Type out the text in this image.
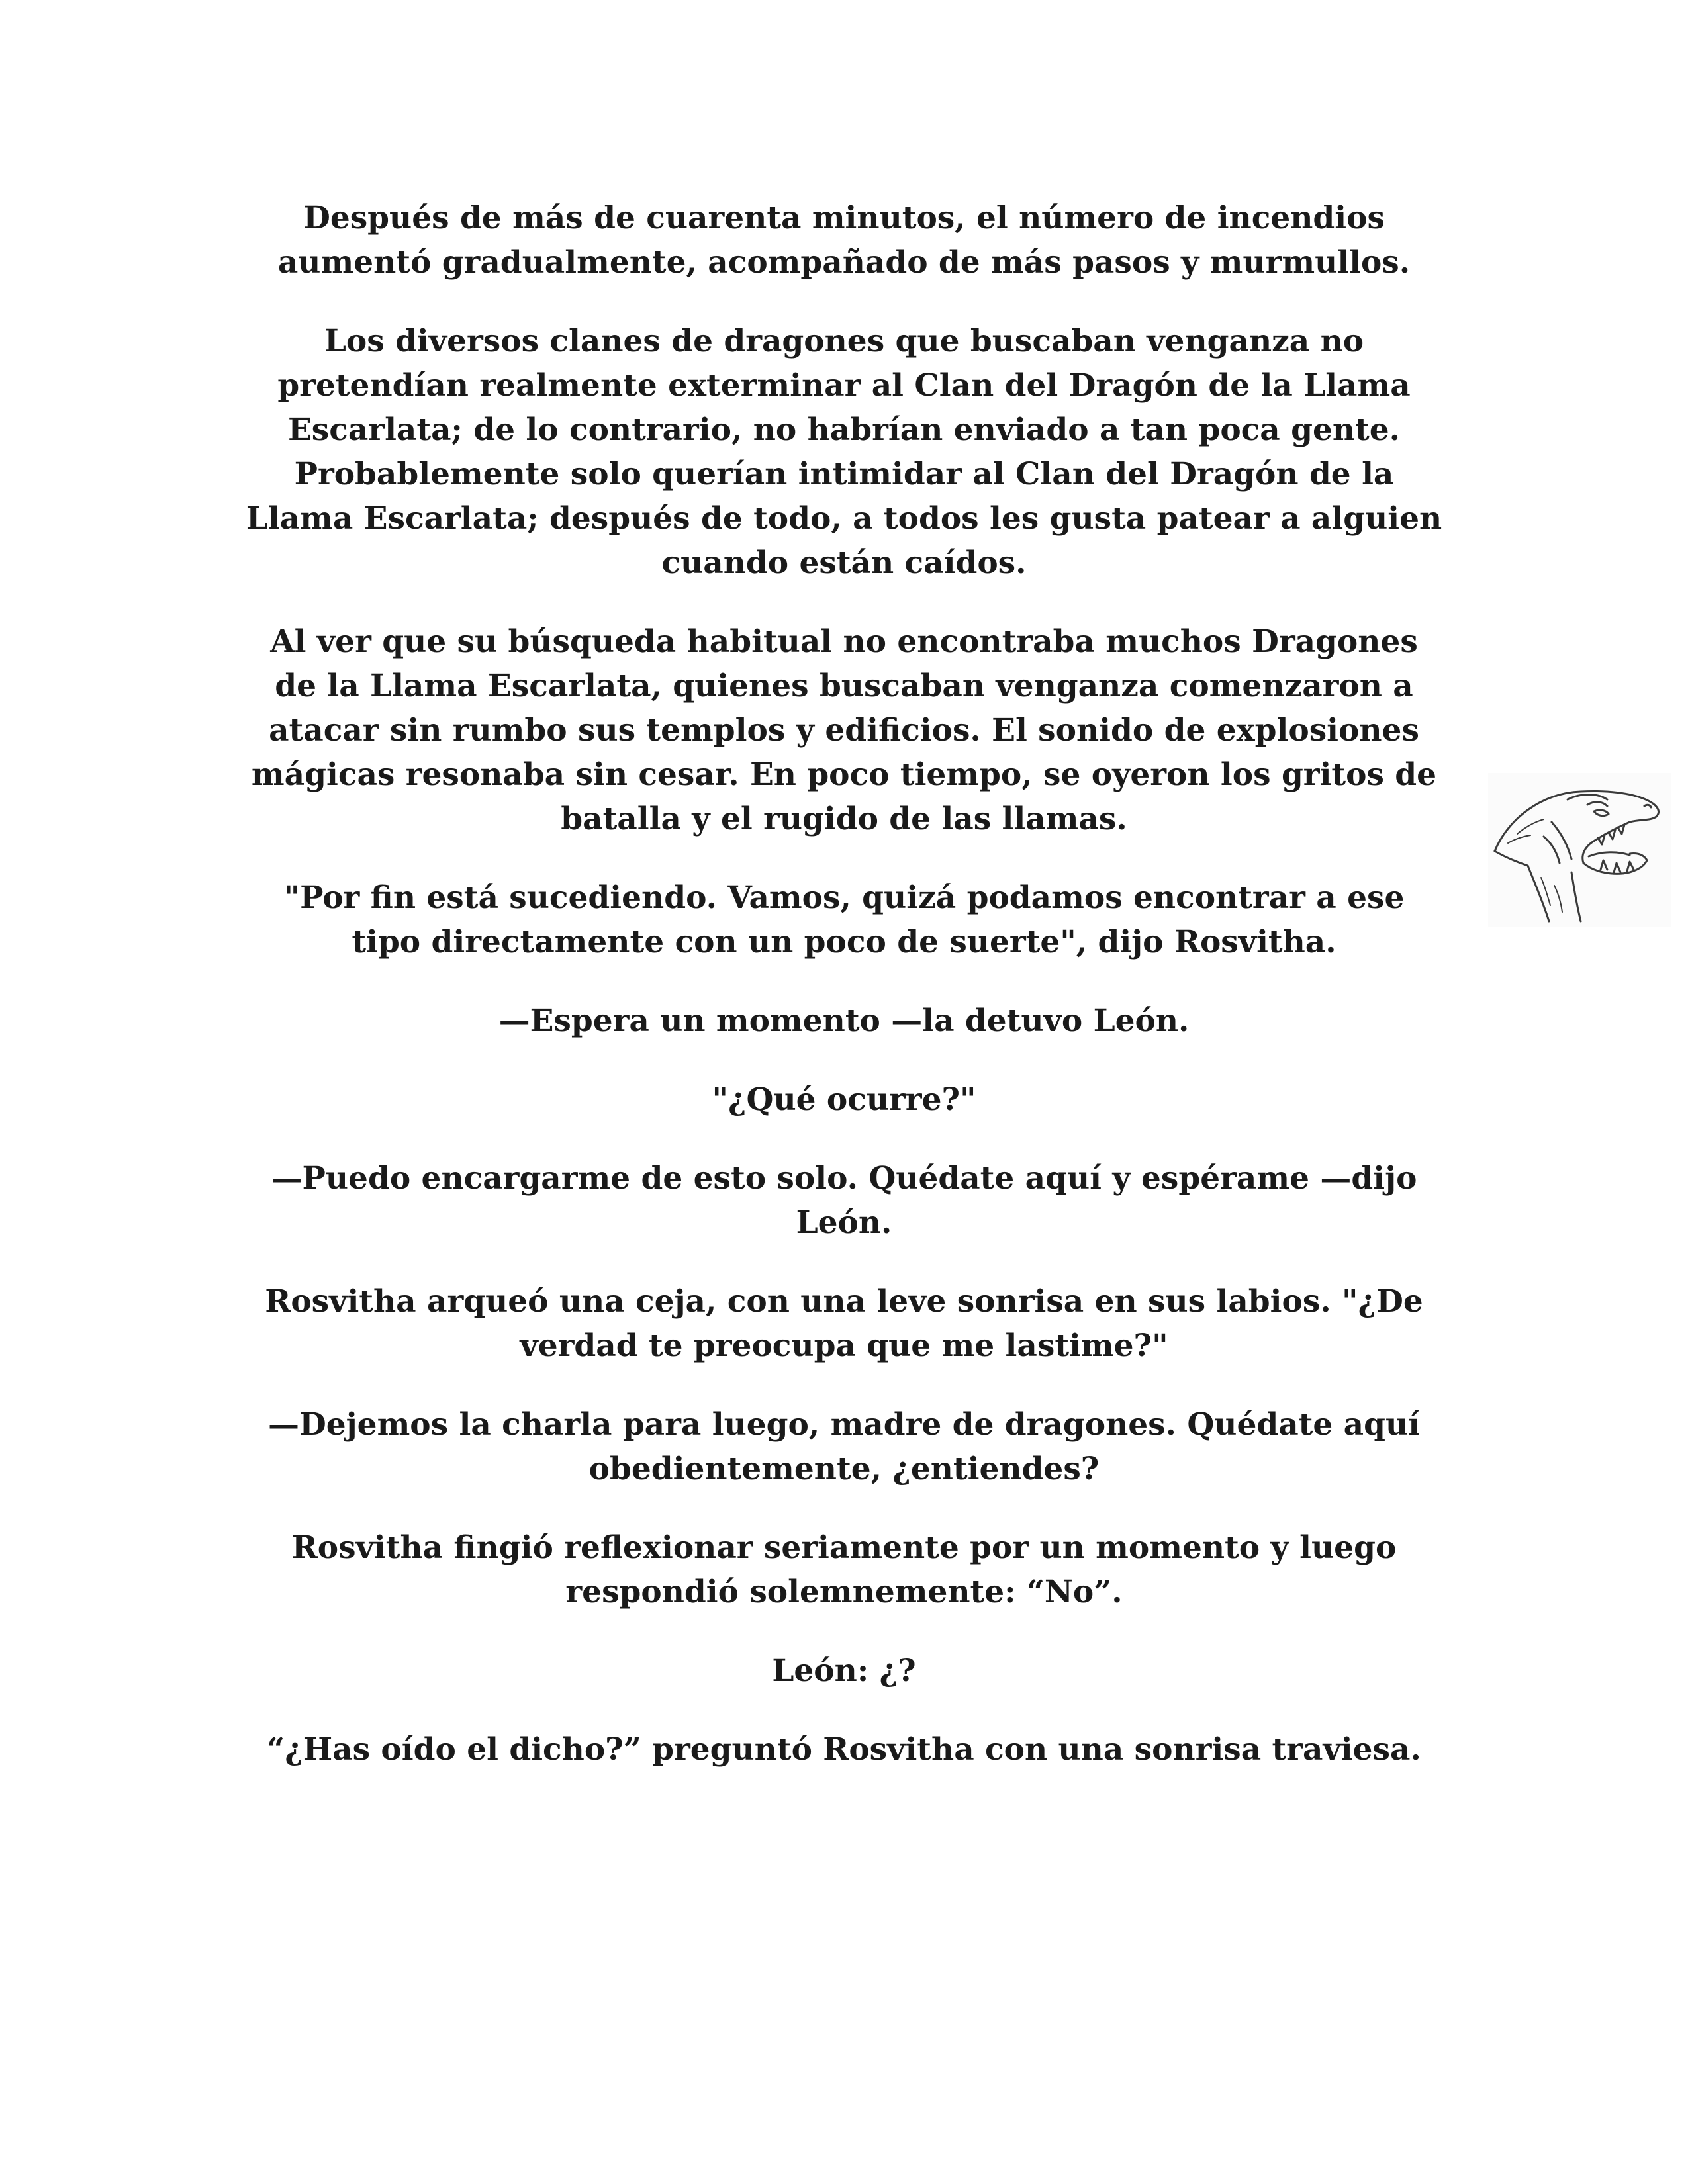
Después de más de cuarenta minutos, el número de incendios aumentó gradualmente, acompañado de más pasos y murmullos.

Los diversos clanes de dragones que buscaban venganza no pretendían realmente exterminar al Clan del Dragón de la Llama Escarlata; de lo contrario, no habrían enviado a tan poca gente. Probablemente solo querían intimidar al Clan del Dragón de la Llama Escarlata; después de todo, a todos les gusta patear a alguien cuando están caídos.

Al ver que su búsqueda habitual no encontraba muchos Dragones de la Llama Escarlata, quienes buscaban venganza comenzaron a atacar sin rumbo sus templos y edificios. El sonido de explosiones mágicas resonaba sin cesar. En poco tiempo, se oyeron los gritos de batalla y el rugido de las llamas.

"Por fin está sucediendo. Vamos, quizá podamos encontrar a ese tipo directamente con un poco de suerte", dijo Rosvitha.

—Espera un momento —la detuvo León.

"¿Qué ocurre?"

—Puedo encargarme de esto solo. Quédate aquí y espérame —dijo León.

Rosvitha arqueó una ceja, con una leve sonrisa en sus labios. "¿De verdad te preocupa que me lastime?"

—Dejemos la charla para luego, madre de dragones. Quédate aquí obedientemente, ¿entiendes?

Rosvitha fingió reflexionar seriamente por un momento y luego respondió solemnemente: “No”.

León: ¿?

“¿Has oído el dicho?” preguntó Rosvitha con una sonrisa traviesa.
